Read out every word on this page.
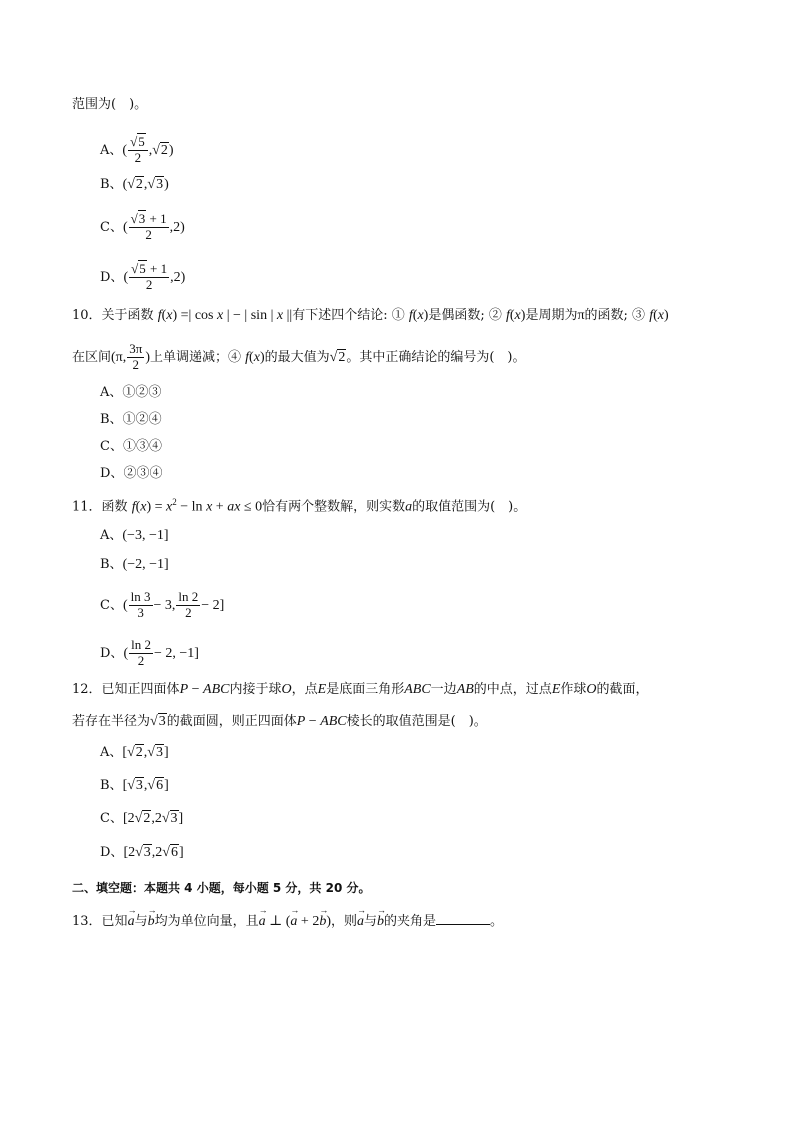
范围为(　)。
A、( $\frac{√5}{2} ,√2$)
B、(√2,√3)
C、( $\frac{√3 + 1}{2} ,2$)
D、( $\frac{√5 + 1}{2} ,2$)
10．关于函数 f(x) =| cos x | − | sin | x ||有下述四个结论: ① f(x)是偶函数; ② f(x)是周期为π的函数; ③ f(x)
在区间(π, $\frac{3\pi}{2}$ )上单调递减；④ f(x)的最大值为√2。其中正确结论的编号为(　)。
A、①②③
B、①②④
C、①③④
D、②③④
11．函数 $f(x) = x^2 - \ln x$ + ax ≤ 0恰有两个整数解，则实数a的取值范围为(　)。
A、(−3, −1]
B、(−2, −1]
C、( $\frac{\ln 3}{3} - 3$, $\frac{\ln 2}{2} - 2$]
D、( $\frac{\ln 2}{2} - 2$, −1]
12．已知正四面体P − ABC内接于球O，点E是底面三角形ABC一边AB的中点，过点E作球O的截面，
若存在半径为√3的截面圆，则正四面体P − ABC棱长的取值范围是(　)。
A、[√2,√3]
B、[√3,√6]
C、[2√2,2√3]
D、[2√3,2√6]
二、填空题：本题共 4 小题，每小题 5 分，共 20 分。
13．已知→ a与→ b均为单位向量，且→ a ⊥ (→ a + 2→ b)，则→ a与→ b的夹角是	。
